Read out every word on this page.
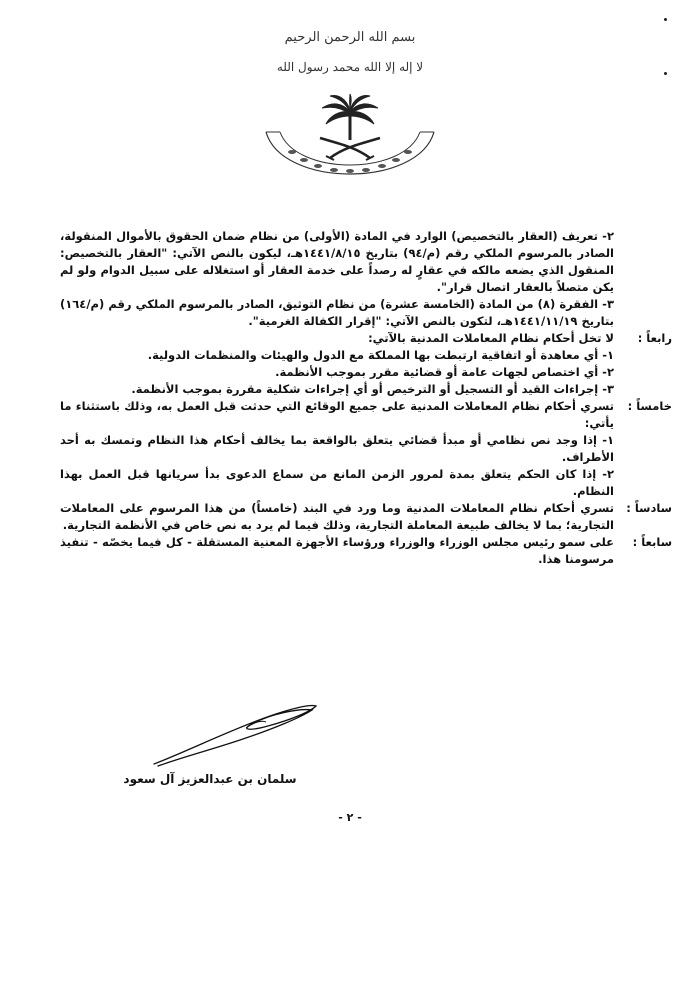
بسم الله الرحمن الرحيم
لا إله إلا الله محمد رسول الله
٢- تعريف (العقار بالتخصيص) الوارد في المادة (الأولى) من نظام ضمان الحقوق بالأموال المنقولة، الصادر بالمرسوم الملكي رقم (م/٩٤) بتاريخ ١٤٤١/٨/١٥هـ، ليكون بالنص الآتي: "العقار بالتخصيص: المنقول الذي يضعه مالكه في عقارٍ له رصداً على خدمة العقار أو استغلاله على سبيل الدوام ولو لم يكن متصلاً بالعقار اتصال قرار".
٣- الفقرة (٨) من المادة (الخامسة عشرة) من نظام التوثيق، الصادر بالمرسوم الملكي رقم (م/١٦٤) بتاريخ ١٤٤١/١١/١٩هـ، لتكون بالنص الآتي: "إقرار الكفالة الغرمية".
رابعاً :
لا تخل أحكام نظام المعاملات المدنية بالآتي:
١- أي معاهدة أو اتفاقية ارتبطت بها المملكة مع الدول والهيئات والمنظمات الدولية.
٢- أي اختصاص لجهات عامة أو قضائية مقرر بموجب الأنظمة.
٣- إجراءات القيد أو التسجيل أو الترخيص أو أي إجراءات شكلية مقررة بموجب الأنظمة.
خامساً :
تسري أحكام نظام المعاملات المدنية على جميع الوقائع التي حدثت قبل العمل به، وذلك باستثناء ما يأتي:
١- إذا وجد نص نظامي أو مبدأ قضائي يتعلق بالواقعة بما يخالف أحكام هذا النظام وتمسك به أحد الأطراف.
٢- إذا كان الحكم يتعلق بمدة لمرور الزمن المانع من سماع الدعوى بدأ سريانها قبل العمل بهذا النظام.
سادساً :
تسري أحكام نظام المعاملات المدنية وما ورد في البند (خامساً) من هذا المرسوم على المعاملات التجارية؛ بما لا يخالف طبيعة المعاملة التجارية، وذلك فيما لم يرد به نص خاص في الأنظمة التجارية.
سابعاً :
على سمو رئيس مجلس الوزراء والوزراء ورؤساء الأجهزة المعنية المستقلة - كل فيما يخصّه - تنفيذ مرسومنا هذا.
سلمان بن عبدالعزيز آل سعود
- ٢ -
